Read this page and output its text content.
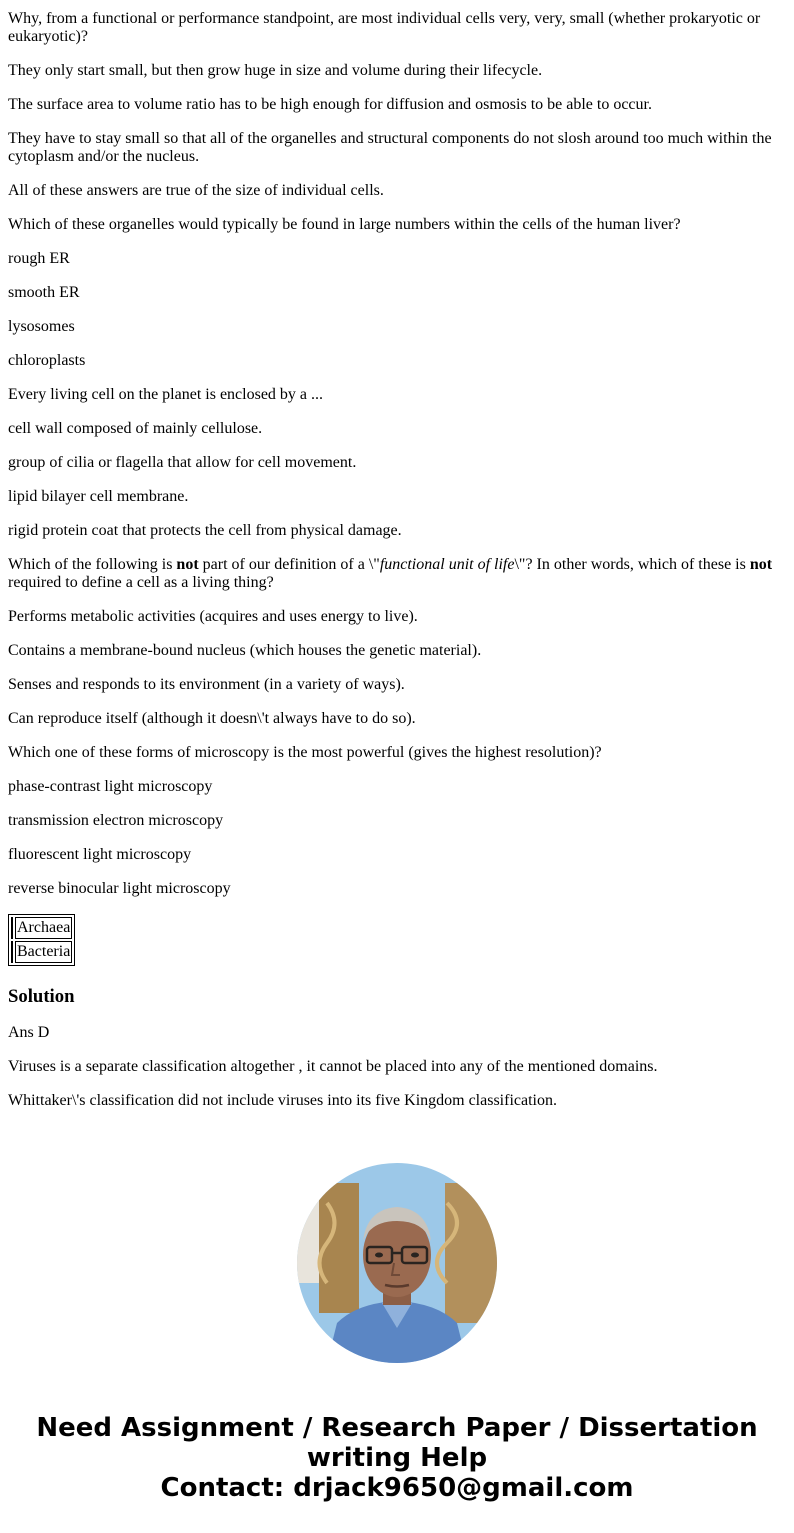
Why, from a functional or performance standpoint, are most individual cells very, very, small (whether prokaryotic or eukaryotic)?

They only start small, but then grow huge in size and volume during their lifecycle.

The surface area to volume ratio has to be high enough for diffusion and osmosis to be able to occur.

They have to stay small so that all of the organelles and structural components do not slosh around too much within the cytoplasm and/or the nucleus.

All of these answers are true of the size of individual cells.

Which of these organelles would typically be found in large numbers within the cells of the human liver?

rough ER

smooth ER

lysosomes

chloroplasts

Every living cell on the planet is enclosed by a ...

cell wall composed of mainly cellulose.

group of cilia or flagella that allow for cell movement.

lipid bilayer cell membrane.

rigid protein coat that protects the cell from physical damage.

Which of the following is not part of our definition of a \"functional unit of life\"? In other words, which of these is not required to define a cell as a living thing?

Performs metabolic activities (acquires and uses energy to live).

Contains a membrane-bound nucleus (which houses the genetic material).

Senses and responds to its environment (in a variety of ways).

Can reproduce itself (although it doesn\'t always have to do so).

Which one of these forms of microscopy is the most powerful (gives the highest resolution)?

phase-contrast light microscopy

transmission electron microscopy

fluorescent light microscopy

reverse binocular light microscopy

	Archaea
	Bacteria
Solution

Ans D

Viruses is a separate classification altogether , it cannot be placed into any of the mentioned domains.

Whittaker\'s classification did not include viruses into its five Kingdom classification.

Need Assignment / Research Paper / Dissertation
writing Help
Contact: drjack9650@gmail.com
